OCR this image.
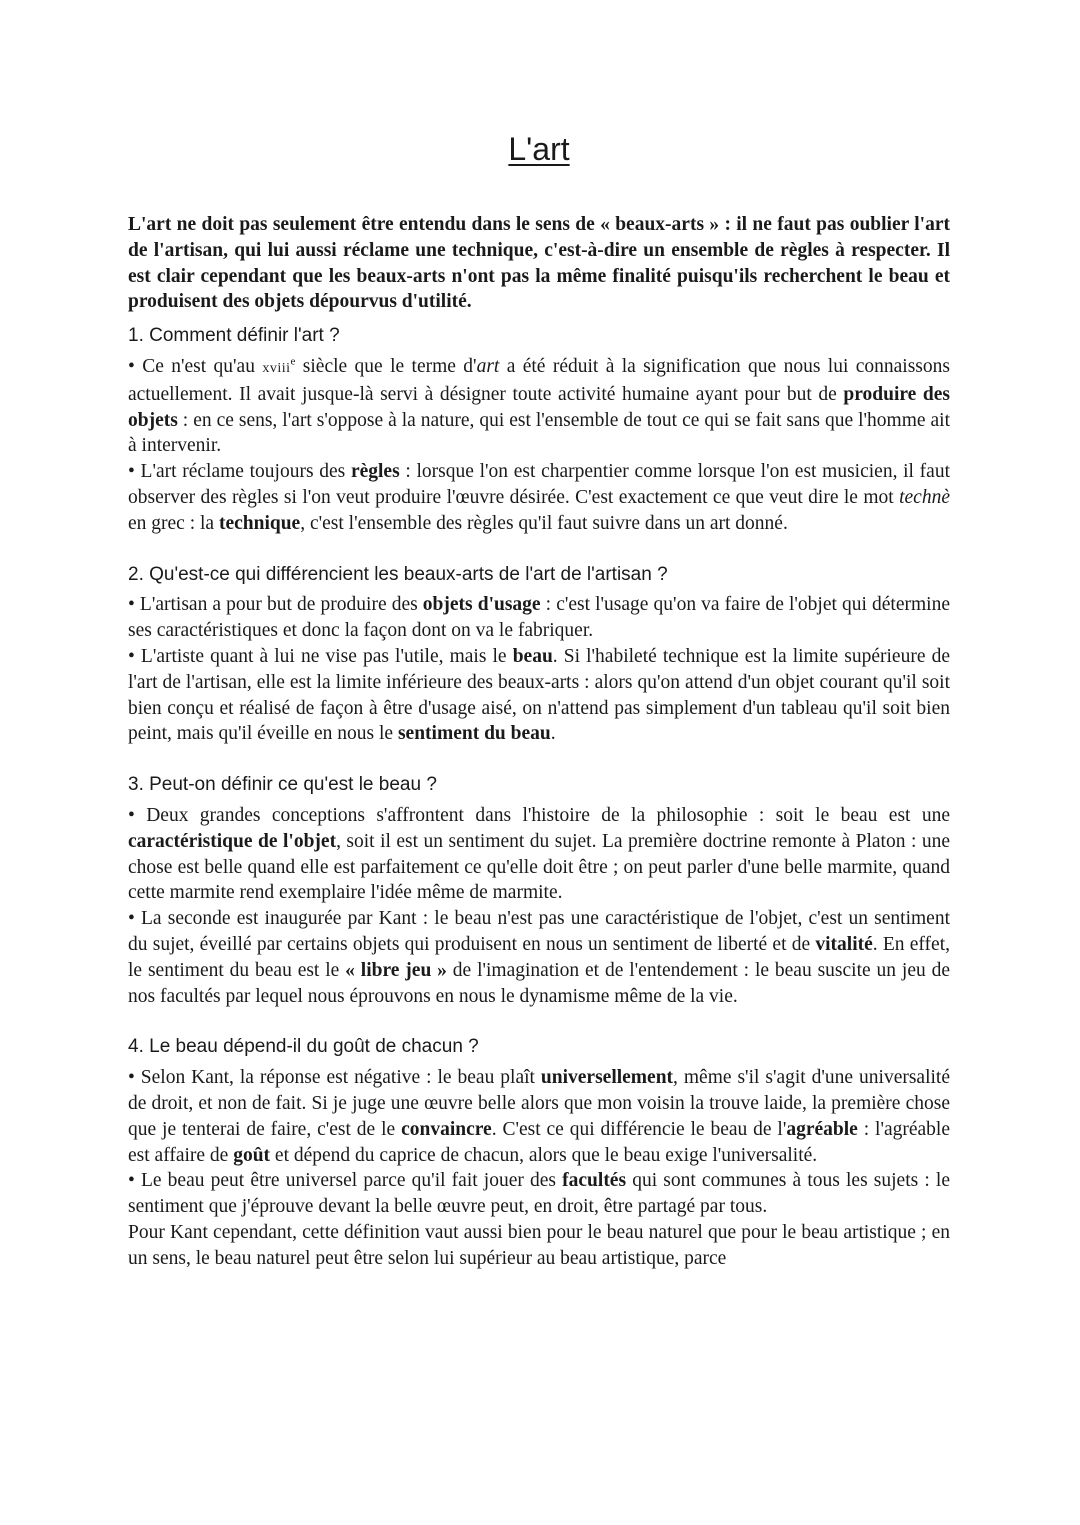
L'art

L'art ne doit pas seulement être entendu dans le sens de « beaux-arts » : il ne faut pas oublier l'art de l'artisan, qui lui aussi réclame une technique, c'est-à-dire un ensemble de règles à respecter. Il est clair cependant que les beaux-arts n'ont pas la même finalité puisqu'ils recherchent le beau et produisent des objets dépourvus d'utilité.

1. Comment définir l'art ?

• Ce n'est qu'au xviii$^e$ siècle que le terme d'art a été réduit à la signification que nous lui connaissons actuellement. Il avait jusque-là servi à désigner toute activité humaine ayant pour but de produire des objets : en ce sens, l'art s'oppose à la nature, qui est l'ensemble de tout ce qui se fait sans que l'homme ait à intervenir.

• L'art réclame toujours des règles : lorsque l'on est charpentier comme lorsque l'on est musicien, il faut observer des règles si l'on veut produire l'œuvre désirée. C'est exactement ce que veut dire le mot technè en grec : la technique, c'est l'ensemble des règles qu'il faut suivre dans un art donné.

2. Qu'est-ce qui différencient les beaux-arts de l'art de l'artisan ?

• L'artisan a pour but de produire des objets d'usage : c'est l'usage qu'on va faire de l'objet qui détermine ses caractéristiques et donc la façon dont on va le fabriquer.

• L'artiste quant à lui ne vise pas l'utile, mais le beau. Si l'habileté technique est la limite supérieure de l'art de l'artisan, elle est la limite inférieure des beaux-arts : alors qu'on attend d'un objet courant qu'il soit bien conçu et réalisé de façon à être d'usage aisé, on n'attend pas simplement d'un tableau qu'il soit bien peint, mais qu'il éveille en nous le sentiment du beau.

3. Peut-on définir ce qu'est le beau ?

• Deux grandes conceptions s'affrontent dans l'histoire de la philosophie : soit le beau est une caractéristique de l'objet, soit il est un sentiment du sujet. La première doctrine remonte à Platon : une chose est belle quand elle est parfaitement ce qu'elle doit être ; on peut parler d'une belle marmite, quand cette marmite rend exemplaire l'idée même de marmite.

• La seconde est inaugurée par Kant : le beau n'est pas une caractéristique de l'objet, c'est un sentiment du sujet, éveillé par certains objets qui produisent en nous un sentiment de liberté et de vitalité. En effet, le sentiment du beau est le « libre jeu » de l'imagination et de l'entendement : le beau suscite un jeu de nos facultés par lequel nous éprouvons en nous le dynamisme même de la vie.

4. Le beau dépend-il du goût de chacun ?

• Selon Kant, la réponse est négative : le beau plaît universellement, même s'il s'agit d'une universalité de droit, et non de fait. Si je juge une œuvre belle alors que mon voisin la trouve laide, la première chose que je tenterai de faire, c'est de le convaincre. C'est ce qui différencie le beau de l'agréable : l'agréable est affaire de goût et dépend du caprice de chacun, alors que le beau exige l'universalité.

• Le beau peut être universel parce qu'il fait jouer des facultés qui sont communes à tous les sujets : le sentiment que j'éprouve devant la belle œuvre peut, en droit, être partagé par tous.

Pour Kant cependant, cette définition vaut aussi bien pour le beau naturel que pour le beau artistique ; en un sens, le beau naturel peut être selon lui supérieur au beau artistique, parce
